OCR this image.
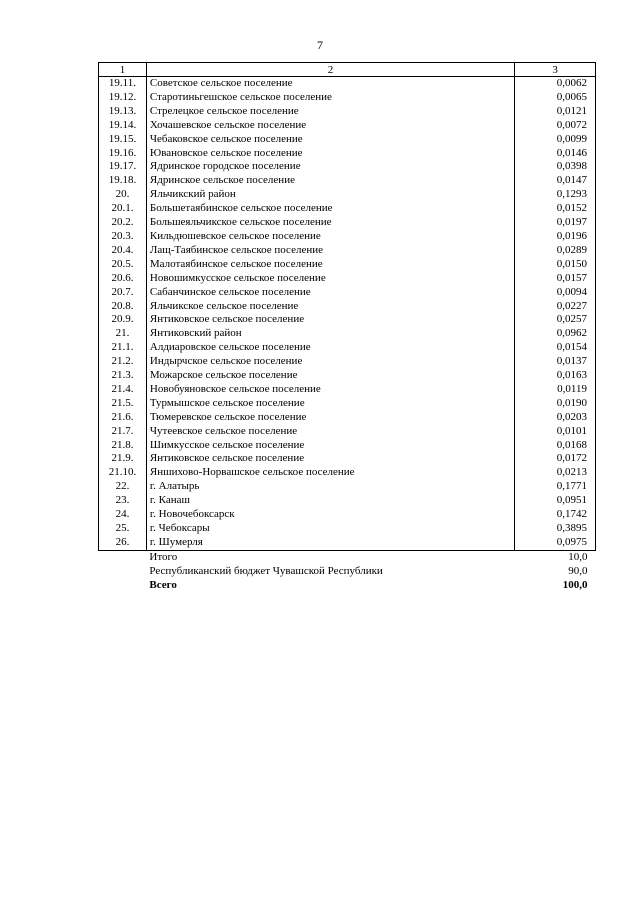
7
1	2	3
19.11.	Советское сельское поселение	0,0062
19.12.	Старотиньгешское сельское поселение	0,0065
19.13.	Стрелецкое сельское поселение	0,0121
19.14.	Хочашевское сельское поселение	0,0072
19.15.	Чебаковское сельское поселение	0,0099
19.16.	Ювановское сельское поселение	0,0146
19.17.	Ядринское городское поселение	0,0398
19.18.	Ядринское сельское поселение	0,0147
20.	Яльчикский район	0,1293
20.1.	Большетаябинское сельское поселение	0,0152
20.2.	Большеяльчикское сельское поселение	0,0197
20.3.	Кильдюшевское сельское поселение	0,0196
20.4.	Лащ-Таябинское сельское поселение	0,0289
20.5.	Малотаябинское сельское поселение	0,0150
20.6.	Новошимкусское сельское поселение	0,0157
20.7.	Сабанчинское сельское поселение	0,0094
20.8.	Яльчикское сельское поселение	0,0227
20.9.	Янтиковское сельское поселение	0,0257
21.	Янтиковский район	0,0962
21.1.	Алдиаровское сельское поселение	0,0154
21.2.	Индырчское сельское поселение	0,0137
21.3.	Можарское сельское поселение	0,0163
21.4.	Новобуяновское сельское поселение	0,0119
21.5.	Турмышское сельское поселение	0,0190
21.6.	Тюмеревское сельское поселение	0,0203
21.7.	Чутеевское сельское поселение	0,0101
21.8.	Шимкусское сельское поселение	0,0168
21.9.	Янтиковское сельское поселение	0,0172
21.10.	Яншихово-Норвашское сельское поселение	0,0213
22.	г. Алатырь	0,1771
23.	г. Канаш	0,0951
24.	г. Новочебоксарск	0,1742
25.	г. Чебоксары	0,3895
26.	г. Шумерля	0,0975
	Итого	10,0
	Республиканский бюджет Чувашской Республики	90,0
	Всего	100,0
